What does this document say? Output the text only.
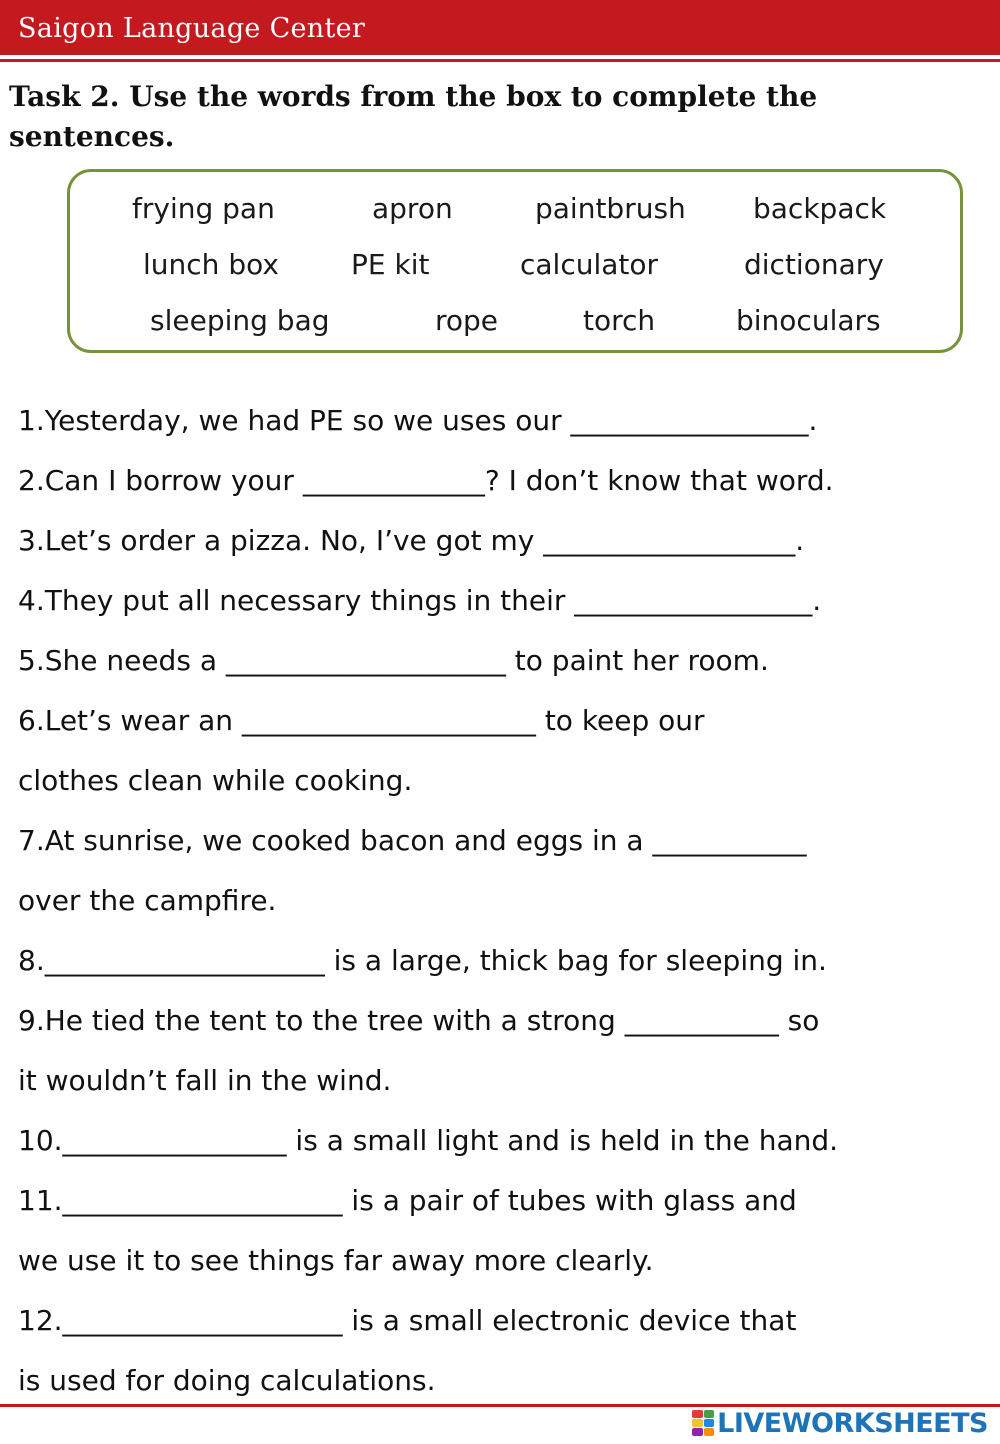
Saigon Language Center
Task 2. Use the words from the box to complete the sentences.
frying pan	apron	paintbrush backpack
lunch box	PE kit	calculator	dictionary
sleeping bag	rope	torch	binoculars
1.Yesterday, we had PE so we uses our _________________.
2.Can I borrow your _____________? I don’t know that word.
3.Let’s order a pizza. No, I’ve got my __________________.
4.They put all necessary things in their _________________.
5.She needs a ____________________ to paint her room.
6.Let’s wear an _____________________ to keep our
clothes clean while cooking.
7.At sunrise, we cooked bacon and eggs in a ___________
over the campfire.
8.____________________ is a large, thick bag for sleeping in.
9.He tied the tent to the tree with a strong ___________ so
it wouldn’t fall in the wind.
10.________________ is a small light and is held in the hand.
11.____________________ is a pair of tubes with glass and
we use it to see things far away more clearly.
12.____________________ is a small electronic device that
is used for doing calculations.
LIVEWORKSHEETS
